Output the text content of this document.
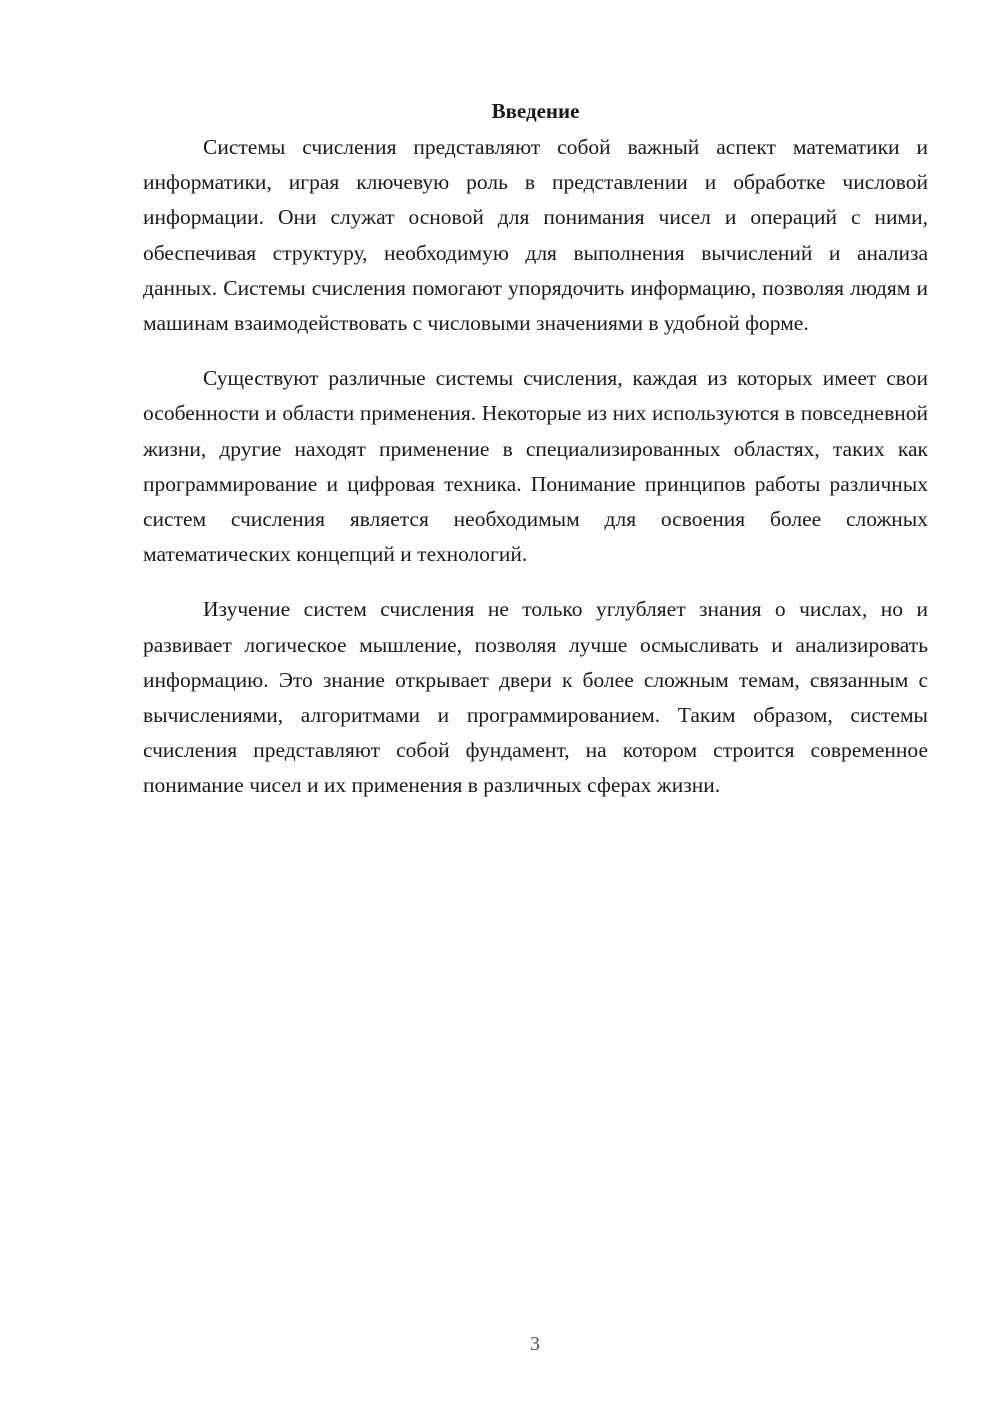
Введение

Системы счисления представляют собой важный аспект математики и информатики, играя ключевую роль в представлении и обработке числовой информации. Они служат основой для понимания чисел и операций с ними, обеспечивая структуру, необходимую для выполнения вычислений и анализа данных. Системы счисления помогают упорядочить информацию, позволяя людям и машинам взаимодействовать с числовыми значениями в удобной форме.

Существуют различные системы счисления, каждая из которых имеет свои особенности и области применения. Некоторые из них используются в повседневной жизни, другие находят применение в специализированных областях, таких как программирование и цифровая техника. Понимание принципов работы различных систем счисления является необходимым для освоения более сложных математических концепций и технологий.

Изучение систем счисления не только углубляет знания о числах, но и развивает логическое мышление, позволяя лучше осмысливать и анализировать информацию. Это знание открывает двери к более сложным темам, связанным с вычислениями, алгоритмами и программированием. Таким образом, системы счисления представляют собой фундамент, на котором строится современное понимание чисел и их применения в различных сферах жизни.

3
